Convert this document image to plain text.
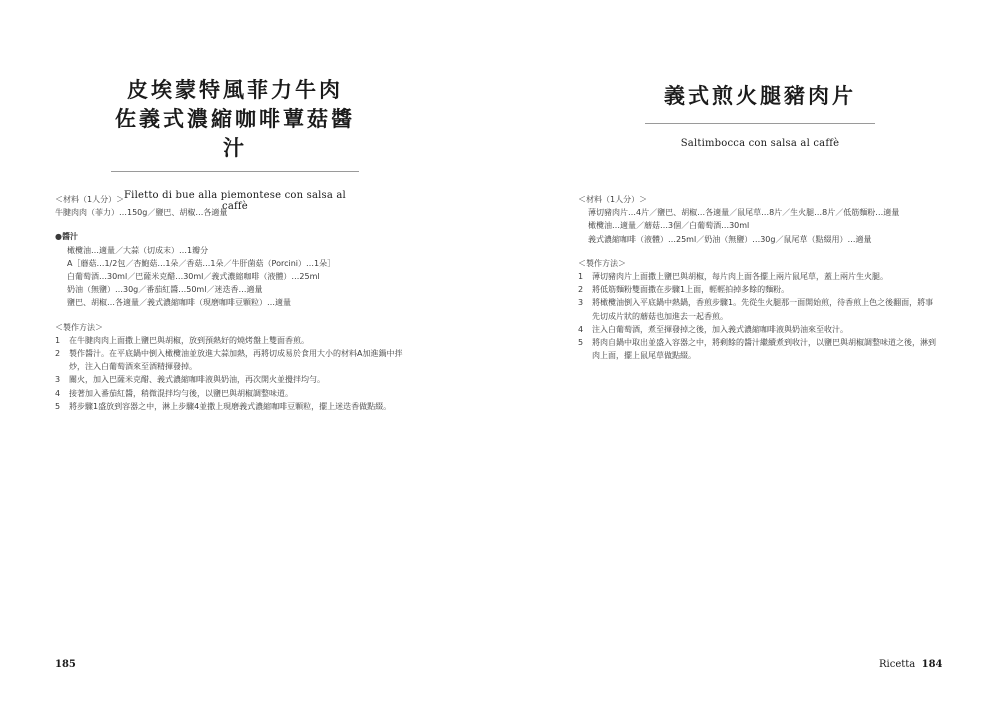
皮埃蒙特風菲力牛肉
佐義式濃縮咖啡蕈菇醬汁
Filetto di bue alla piemontese con salsa al caffè
＜材料（1人分）＞
牛腱肉肉（菲力）…150g／鹽巴、胡椒…各適量
●醬汁
橄欖油…適量／大蒜（切成末）…1瓣分
A［蘑菇…1/2包／杏鮑菇…1朵／香菇…1朵／牛肝菌菇（Porcini）…1朵］
白葡萄酒…30ml／巴薩米克醋…30ml／義式濃縮咖啡（液體）…25ml
奶油（無鹽）…30g／番茄紅醬…50ml／迷迭香…適量
鹽巴、胡椒…各適量／義式濃縮咖啡（現磨咖啡豆顆粒）…適量
＜製作方法＞
1	在牛腱肉肉上面撒上鹽巴與胡椒，放到預熱好的燒烤盤上雙面香煎。
2	製作醬汁。在平底鍋中倒入橄欖油並放進大蒜加熱，再將切成易於食用大小的材料A加進鍋中拌
炒，注入白葡萄酒來至酒精揮發掉。
3	關火，加入巴薩米克醋、義式濃縮咖啡液與奶油，再次開火並攪拌均勻。
4	接著加入番茄紅醬，稍微混拌均勻後，以鹽巴與胡椒調整味道。
5	將步驟1盛放到容器之中，淋上步驟4並撒上現磨義式濃縮咖啡豆顆粒，擺上迷迭香做點綴。
185
義式煎火腿豬肉片
Saltimbocca con salsa al caffè
＜材料（1人分）＞
薄切豬肉片…4片／鹽巴、胡椒…各適量／鼠尾草…8片／生火腿…8片／低筋麵粉…適量
橄欖油…適量／蘑菇…3個／白葡萄酒…30ml
義式濃縮咖啡（液體）…25ml／奶油（無鹽）…30g／鼠尾草（點綴用）…適量
＜製作方法＞
1	薄切豬肉片上面撒上鹽巴與胡椒，每片肉上面各擺上兩片鼠尾草，蓋上兩片生火腿。
2	將低筋麵粉雙面撒在步驟1上面，輕輕拍掉多餘的麵粉。
3	將橄欖油倒入平底鍋中熱鍋，香煎步驟1。先從生火腿那一面開始煎，待香煎上色之後翻面，將事
先切成片狀的蘑菇也加進去一起香煎。
4	注入白葡萄酒，煮至揮發掉之後，加入義式濃縮咖啡液與奶油來至收汁。
5	將肉自鍋中取出並盛入容器之中，將剩餘的醬汁繼續煮到收汁，以鹽巴與胡椒調整味道之後，淋到
肉上面，擺上鼠尾草做點綴。
Ricetta 184
